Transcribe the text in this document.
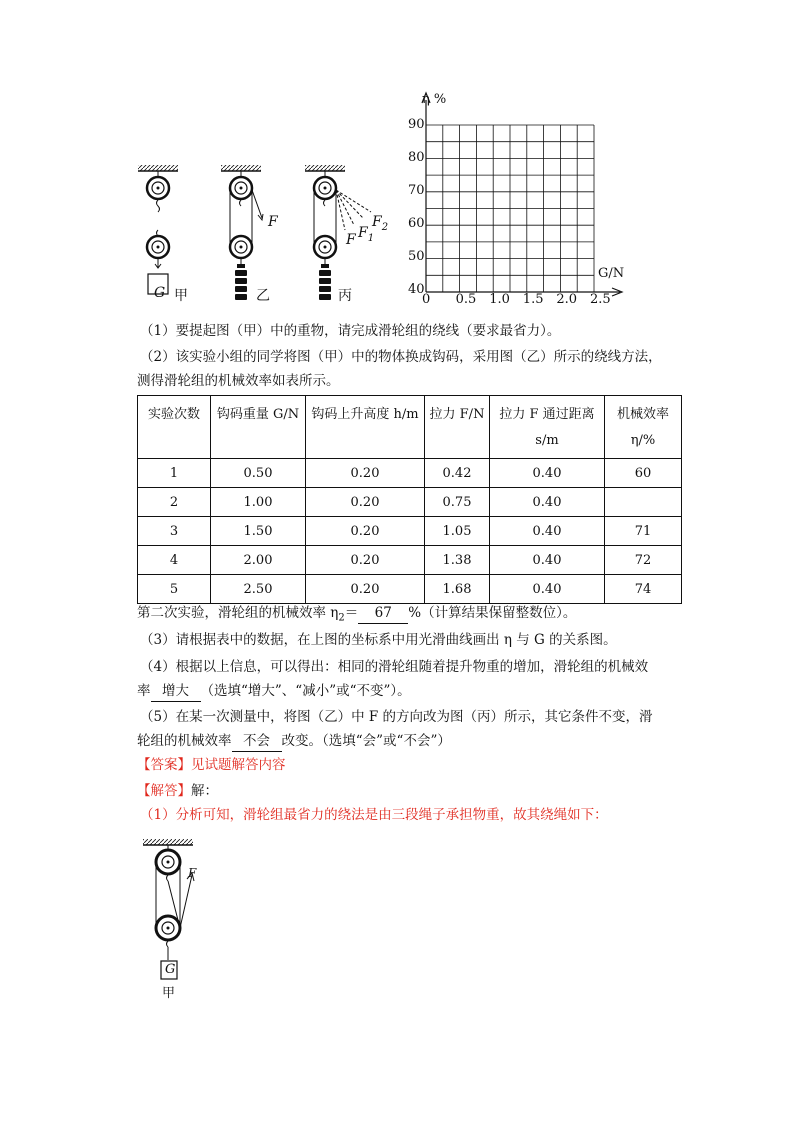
G 甲
F
乙
F $F_1$
$F_2$
丙
η %
G/N
90
80
70
60
50
40
0 0.5 1.0 1.5 2.0 2.5
（1）要提起图（甲）中的重物，请完成滑轮组的绕线（要求最省力）。
（2）该实验小组的同学将图（甲）中的物体换成钩码，采用图（乙）所示的绕线方法，
测得滑轮组的机械效率如表所示。
实验次数	钩码重量 G/N	钩码上升高度 h/m	拉力 F/N	拉力 F 通过距离 s/m	机械效率 η/%
1	0.50	0.20	0.42	0.40	60
2	1.00	0.20	0.75	0.40	
3	1.50	0.20	1.05	0.40	71
4	2.00	0.20	1.38	0.40	72
5	2.50	0.20	1.68	0.40	74
第二次实验，滑轮组的机械效率 $\eta_2= 67$ %（计算结果保留整数位）。
（3）请根据表中的数据，在上图的坐标系中用光滑曲线画出 η 与 G 的关系图。
（4）根据以上信息，可以得出：相同的滑轮组随着提升物重的增加，滑轮组的机械效
率 增大 （选填“增大”、“减小”或“不变”）。
（5）在某一次测量中，将图（乙）中 F 的方向改为图（丙）所示，其它条件不变，滑
轮组的机械效率 不会 改变。（选填“会”或“不会”）
【答案】见试题解答内容
【解答】解：
（1）分析可知，滑轮组最省力的绕法是由三段绳子承担物重，故其绕绳如下：
F
G
甲
